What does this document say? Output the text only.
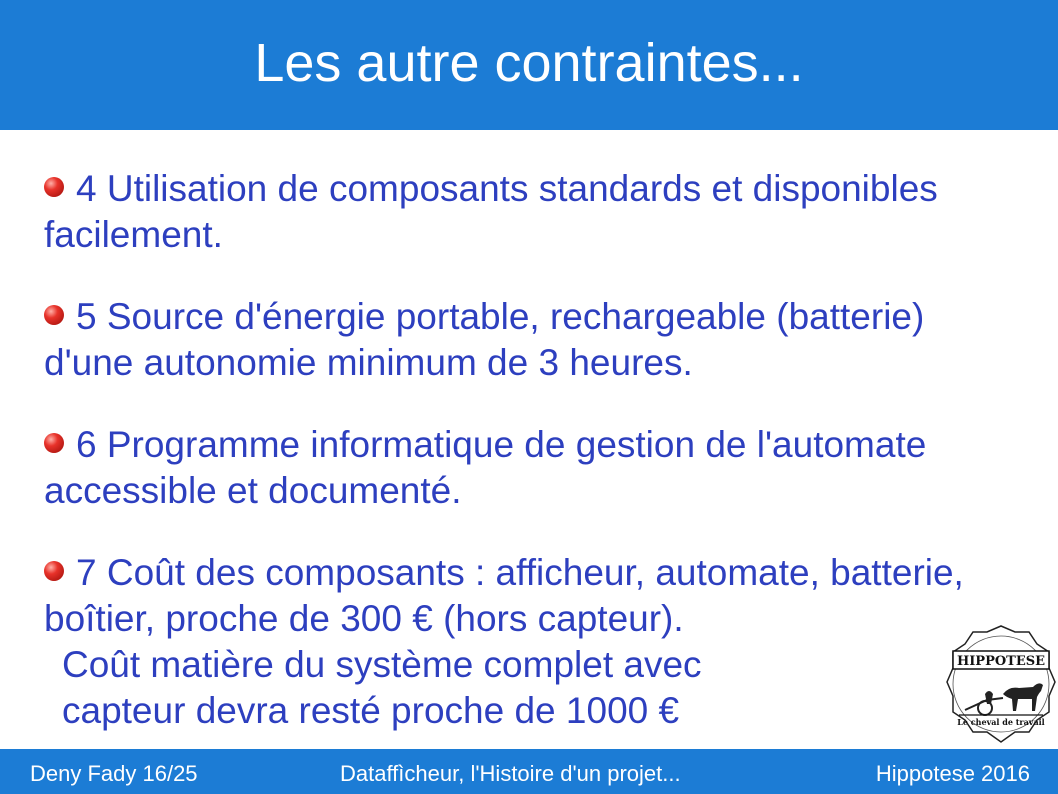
Les autre contraintes...
4 Utilisation de composants standards et disponibles facilement.
5 Source d'énergie portable, rechargeable (batterie) d'une autonomie minimum de 3 heures.
6 Programme informatique de gestion de l'automate accessible et documenté.
7 Coût des composants : afficheur, automate, batterie, boîtier, proche de 300 € (hors capteur).
Coût matière du système complet avec
capteur devra resté proche de 1000 €
HIPPOTESE
Le cheval de travail
Deny Fady 16/25	Dataffìcheur, l'Histoire d'un projet...	Hippotese 2016
